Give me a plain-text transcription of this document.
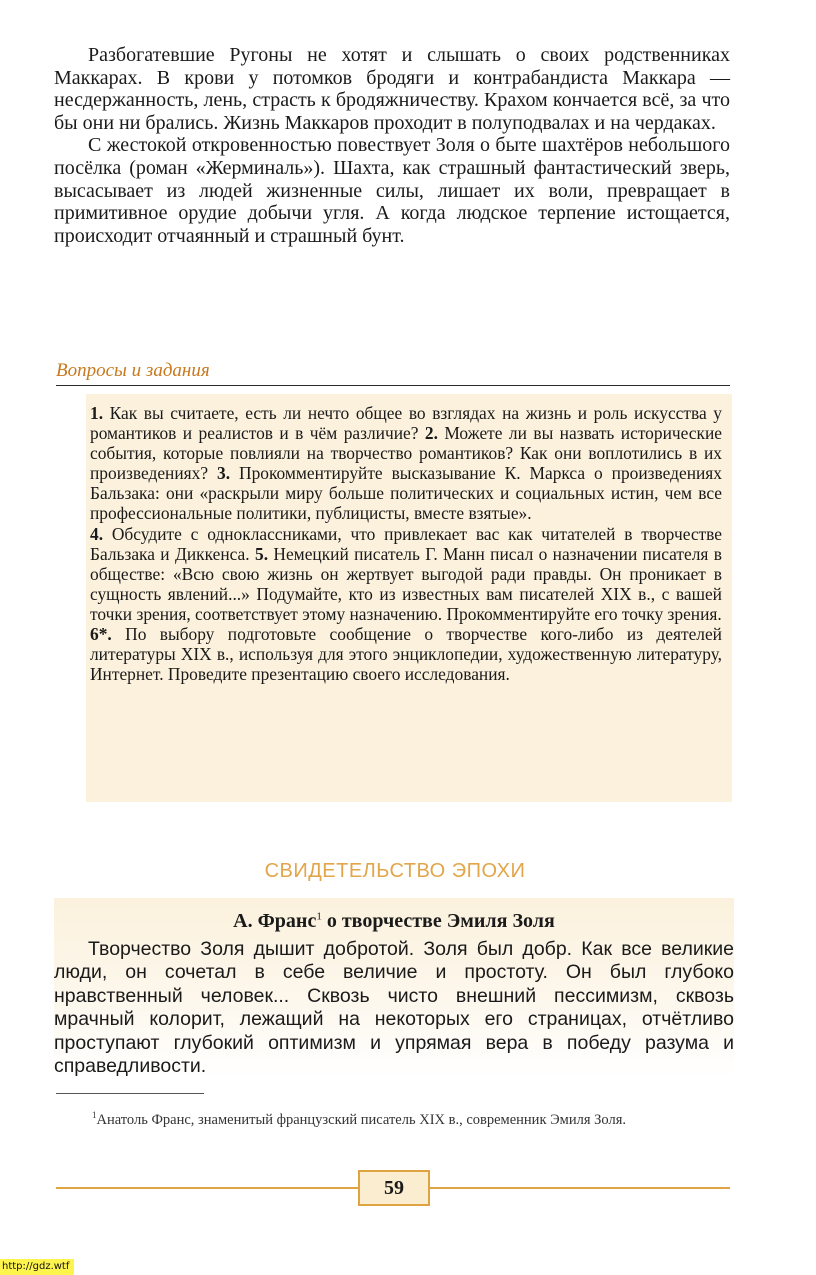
Разбогатевшие Ругоны не хотят и слышать о своих родственниках Маккарах. В крови у потомков бродяги и контрабандиста Маккара — несдержанность, лень, страсть к бродяжничеству. Крахом кончается всё, за что бы они ни брались. Жизнь Маккаров проходит в полуподвалах и на чердаках.

С жестокой откровенностью повествует Золя о быте шахтёров небольшого посёлка (роман «Жерминаль»). Шахта, как страшный фантастический зверь, высасывает из людей жизненные силы, лишает их воли, превращает в примитивное орудие добычи угля. А когда людское терпение истощается, происходит отчаянный и страшный бунт.

Вопросы и задания

1. Как вы считаете, есть ли нечто общее во взглядах на жизнь и роль искусства у романтиков и реалистов и в чём различие? 2. Можете ли вы назвать исторические события, которые повлияли на творчество романтиков? Как они воплотились в их произведениях? 3. Прокомментируйте высказывание К. Маркса о произведениях Бальзака: они «раскрыли миру больше политических и социальных истин, чем все профессиональные политики, публицисты, вместе взятые».
4. Обсудите с одноклассниками, что привлекает вас как читателей в творчестве Бальзака и Диккенса. 5. Немецкий писатель Г. Манн писал о назначении писателя в обществе: «Всю свою жизнь он жертвует выгодой ради правды. Он проникает в сущность явлений...» Подумайте, кто из известных вам писателей XIX в., с вашей точки зрения, соответствует этому назначению. Прокомментируйте его точку зрения.
6*. По выбору подготовьте сообщение о творчестве кого-либо из деятелей литературы XIX в., используя для этого энциклопедии, художественную литературу, Интернет. Проведите презентацию своего исследования.

СВИДЕТЕЛЬСТВО ЭПОХИ
А. Франс$^1$ о творчестве Эмиля Золя

Творчество Золя дышит добротой. Золя был добр. Как все великие люди, он сочетал в себе величие и простоту. Он был глубоко нравственный человек... Сквозь чисто внешний пессимизм, сквозь мрачный колорит, лежащий на некоторых его страницах, отчётливо проступают глубокий оптимизм и упрямая вера в победу разума и справедливости.

$^1$Анатоль Франс, знаменитый французский писатель XIX в., современник Эмиля Золя.

59
http://gdz.wtf
